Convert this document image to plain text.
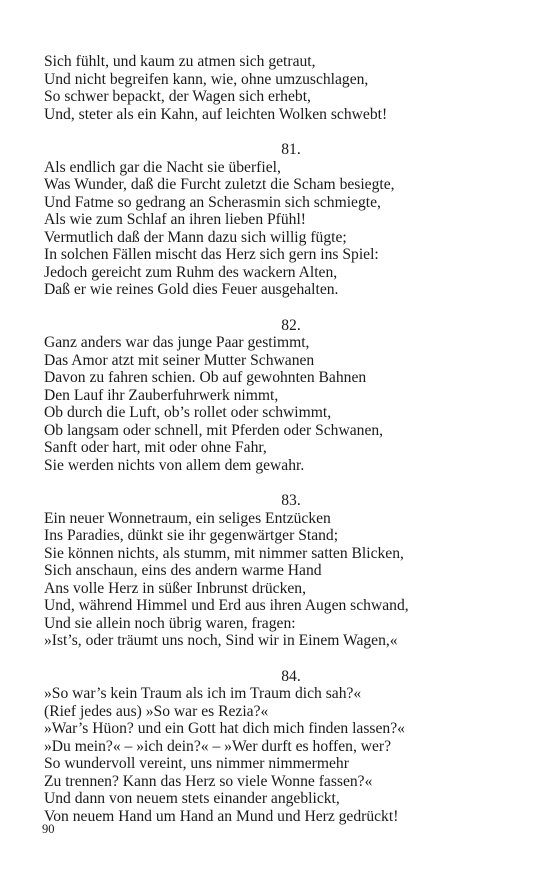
Sich fühlt, und kaum zu atmen sich getraut,
Und nicht begreifen kann, wie, ohne umzuschlagen,
So schwer bepackt, der Wagen sich erhebt,
Und, steter als ein Kahn, auf leichten Wolken schwebt!
81.
Als endlich gar die Nacht sie überfiel,
Was Wunder, daß die Furcht zuletzt die Scham besiegte,
Und Fatme so gedrang an Scherasmin sich schmiegte,
Als wie zum Schlaf an ihren lieben Pfühl!
Vermutlich daß der Mann dazu sich willig fügte;
In solchen Fällen mischt das Herz sich gern ins Spiel:
Jedoch gereicht zum Ruhm des wackern Alten,
Daß er wie reines Gold dies Feuer ausgehalten.
82.
Ganz anders war das junge Paar gestimmt,
Das Amor atzt mit seiner Mutter Schwanen
Davon zu fahren schien. Ob auf gewohnten Bahnen
Den Lauf ihr Zauberfuhrwerk nimmt,
Ob durch die Luft, ob’s rollet oder schwimmt,
Ob langsam oder schnell, mit Pferden oder Schwanen,
Sanft oder hart, mit oder ohne Fahr,
Sie werden nichts von allem dem gewahr.
83.
Ein neuer Wonnetraum, ein seliges Entzücken
Ins Paradies, dünkt sie ihr gegenwärtger Stand;
Sie können nichts, als stumm, mit nimmer satten Blicken,
Sich anschaun, eins des andern warme Hand
Ans volle Herz in süßer Inbrunst drücken,
Und, während Himmel und Erd aus ihren Augen schwand,
Und sie allein noch übrig waren, fragen:
»Ist’s, oder träumt uns noch, Sind wir in Einem Wagen,«
84.
»So war’s kein Traum als ich im Traum dich sah?«
(Rief jedes aus) »So war es Rezia?«
»War’s Hüon? und ein Gott hat dich mich finden lassen?«
»Du mein?« – »ich dein?« – »Wer durft es hoffen, wer?
So wundervoll vereint, uns nimmer nimmermehr
Zu trennen? Kann das Herz so viele Wonne fassen?«
Und dann von neuem stets einander angeblickt,
Von neuem Hand um Hand an Mund und Herz gedrückt!
90
